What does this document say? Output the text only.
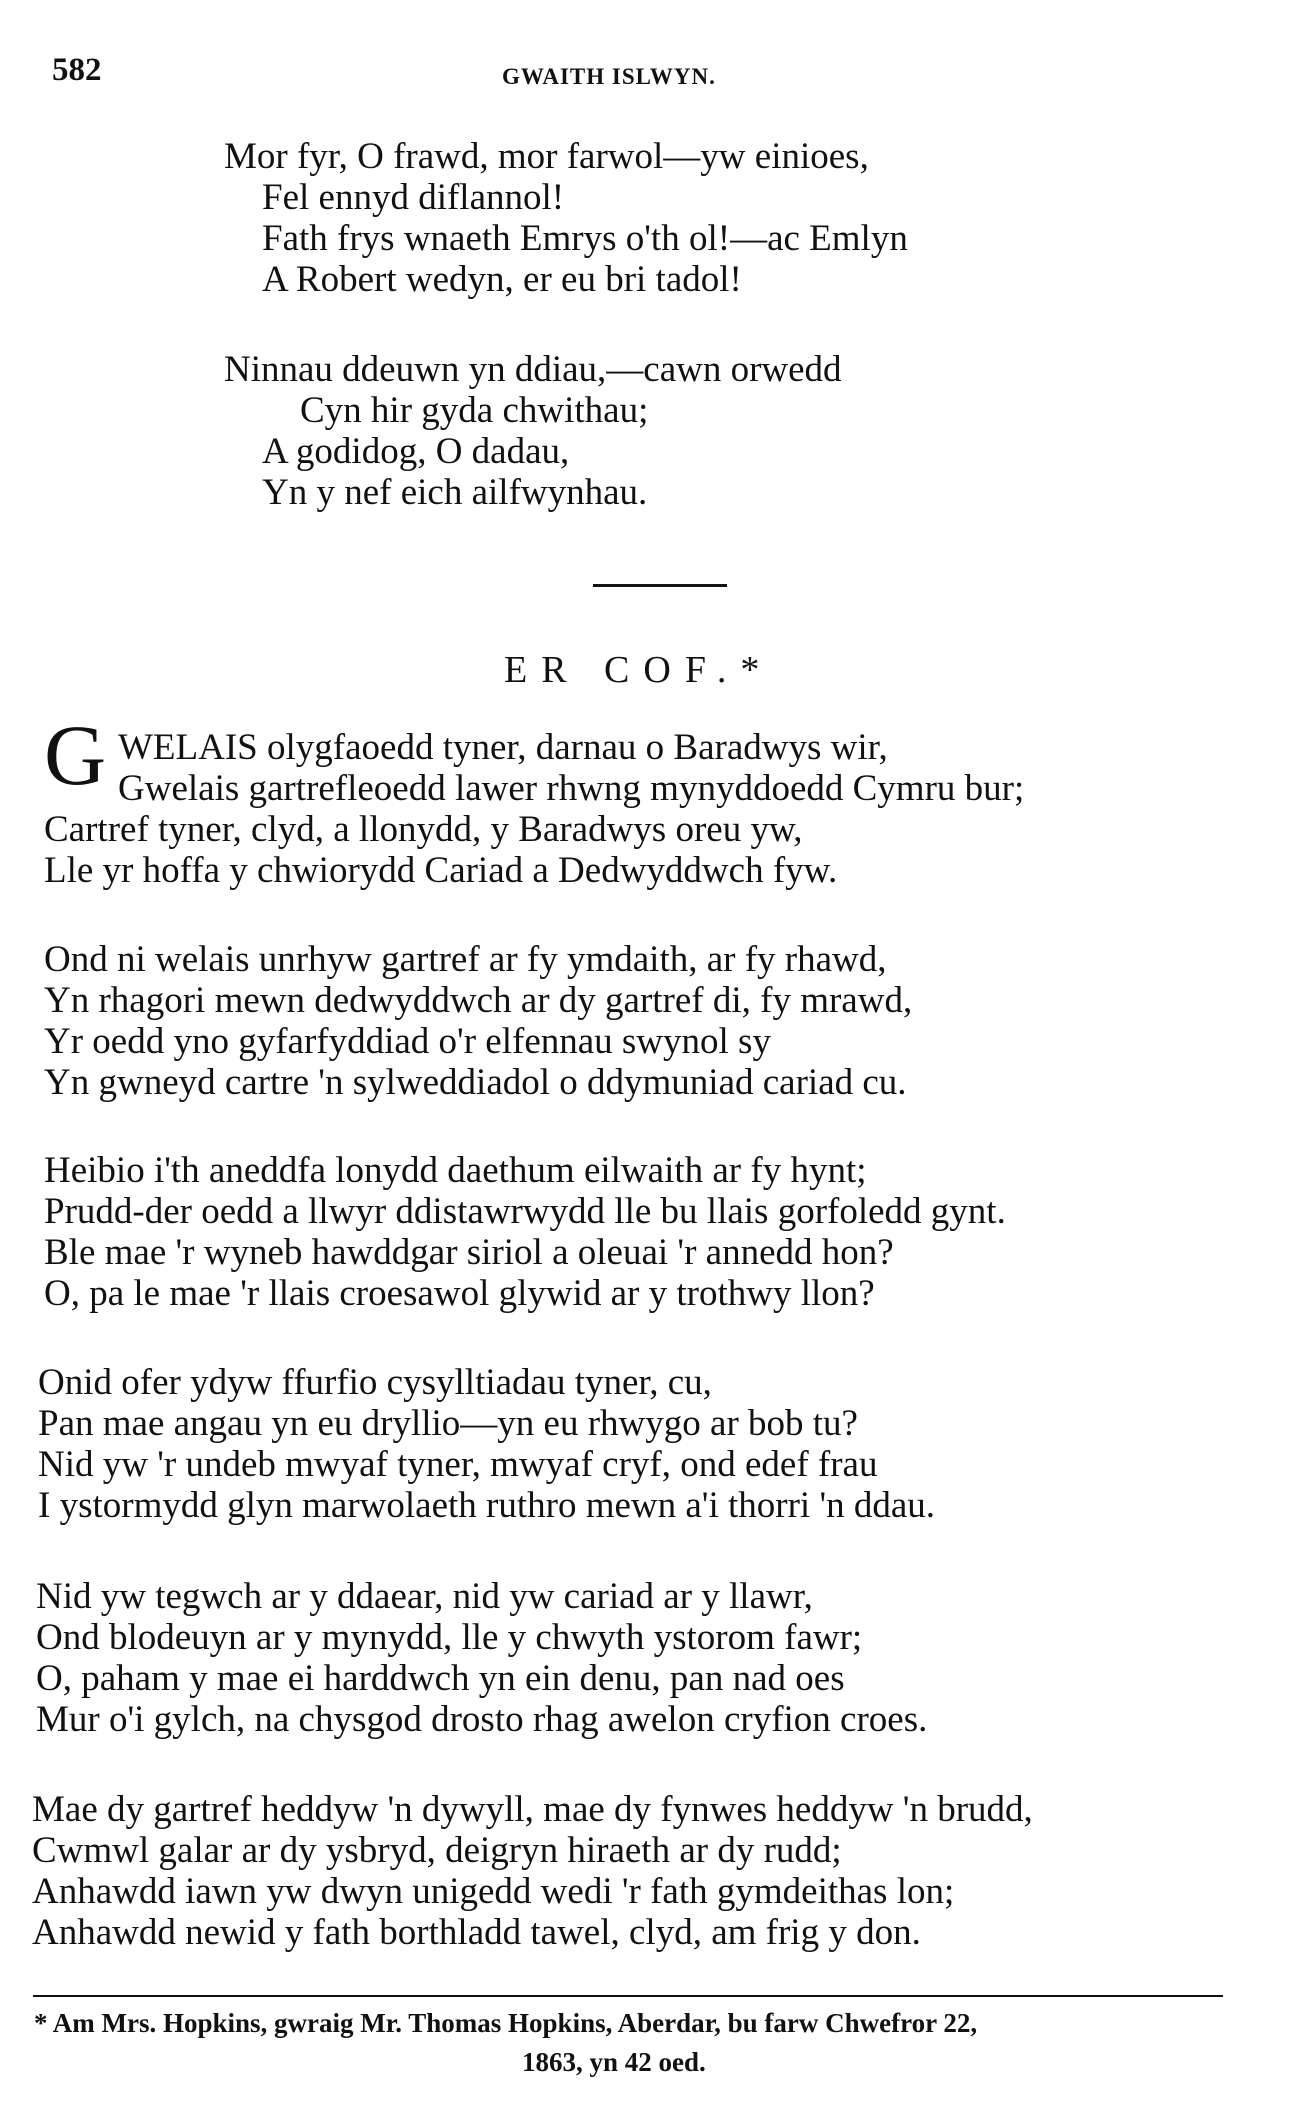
582	GWAITH ISLWYN.
Mor fyr, O frawd, mor farwol—yw einioes,
Fel ennyd diflannol!
Fath frys wnaeth Emrys o'th ol!—ac Emlyn
A Robert wedyn, er eu bri tadol!
Ninnau ddeuwn yn ddiau,—cawn orwedd
Cyn hir gyda chwithau;
A godidog, O dadau,
Yn y nef eich ailfwynhau.
ER COF.*
G WELAIS olygfaoedd tyner, darnau o Baradwys wir,
Gwelais gartrefleoedd lawer rhwng mynyddoedd Cymru bur;
Cartref tyner, clyd, a llonydd, y Baradwys oreu yw,
Lle yr hoffa y chwiorydd Cariad a Dedwyddwch fyw.
Ond ni welais unrhyw gartref ar fy ymdaith, ar fy rhawd,
Yn rhagori mewn dedwyddwch ar dy gartref di, fy mrawd,
Yr oedd yno gyfarfyddiad o'r elfennau swynol sy
Yn gwneyd cartre 'n sylweddiadol o ddymuniad cariad cu.
Heibio i'th aneddfa lonydd daethum eilwaith ar fy hynt;
Prudd-der oedd a llwyr ddistawrwydd lle bu llais gorfoledd gynt.
Ble mae 'r wyneb hawddgar siriol a oleuai 'r annedd hon?
O, pa le mae 'r llais croesawol glywid ar y trothwy llon?
Onid ofer ydyw ffurfio cysylltiadau tyner, cu,
Pan mae angau yn eu dryllio—yn eu rhwygo ar bob tu?
Nid yw 'r undeb mwyaf tyner, mwyaf cryf, ond edef frau
I ystormydd glyn marwolaeth ruthro mewn a'i thorri 'n ddau.
Nid yw tegwch ar y ddaear, nid yw cariad ar y llawr,
Ond blodeuyn ar y mynydd, lle y chwyth ystorom fawr;
O, paham y mae ei harddwch yn ein denu, pan nad oes
Mur o'i gylch, na chysgod drosto rhag awelon cryfion croes.
Mae dy gartref heddyw 'n dywyll, mae dy fynwes heddyw 'n brudd,
Cwmwl galar ar dy ysbryd, deigryn hiraeth ar dy rudd;
Anhawdd iawn yw dwyn unigedd wedi 'r fath gymdeithas lon;
Anhawdd newid y fath borthladd tawel, clyd, am frig y don.
* Am Mrs. Hopkins, gwraig Mr. Thomas Hopkins, Aberdar, bu farw Chwefror 22,
1863, yn 42 oed.
